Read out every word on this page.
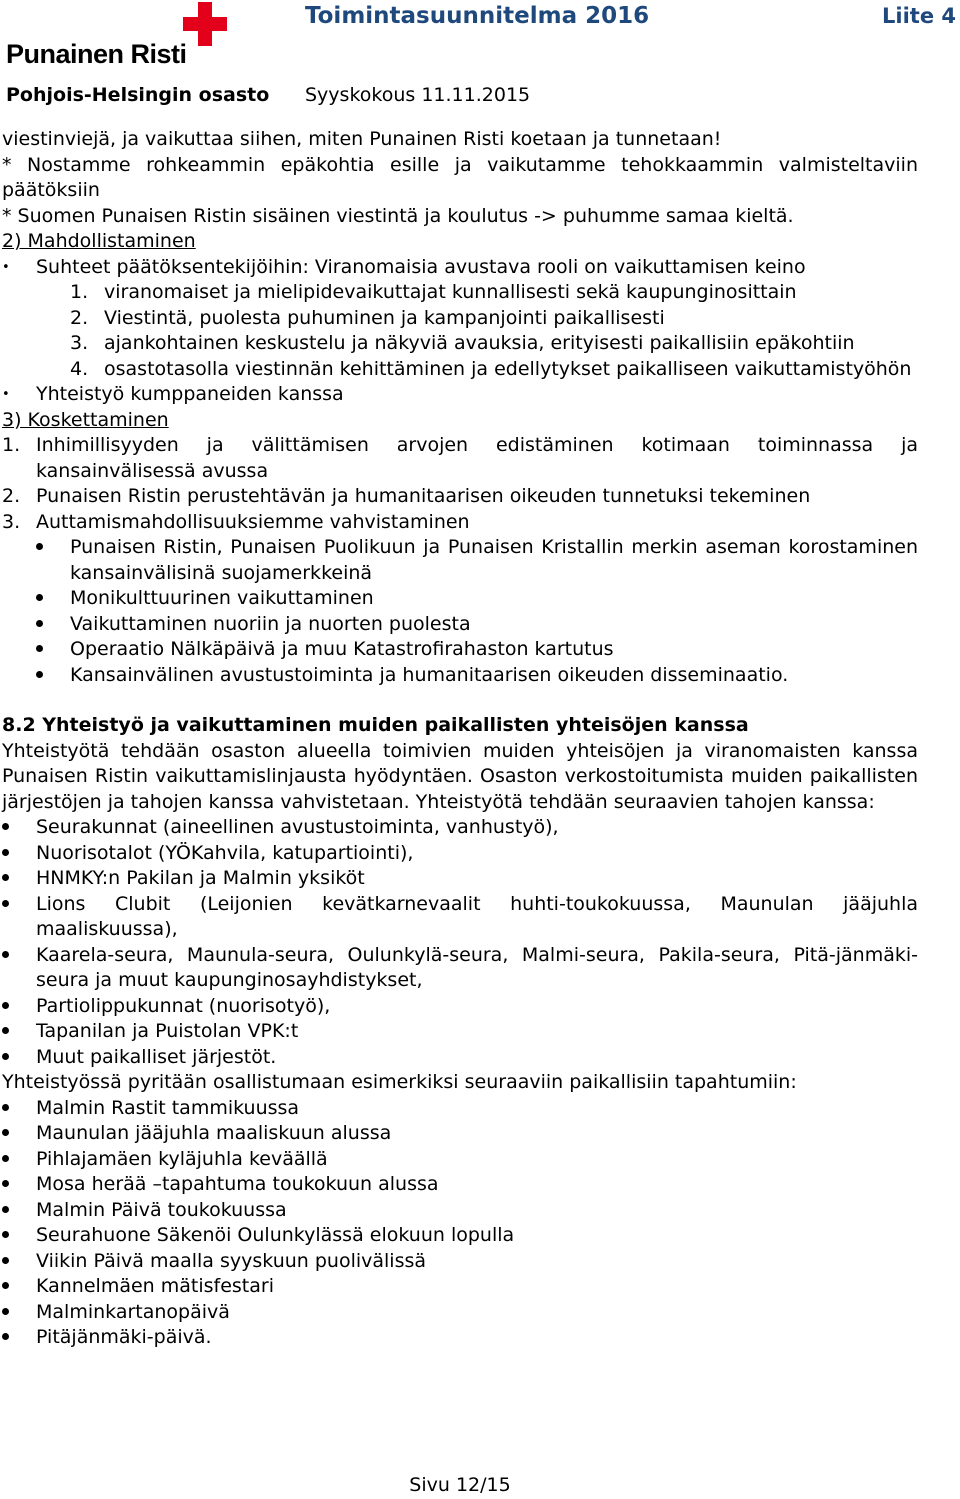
Punainen Risti
Toimintasuunnitelma 2016	Liite 4
Pohjois-Helsingin osasto Syyskokous 11.11.2015

viestinviejä, ja vaikuttaa siihen, miten Punainen Risti koetaan ja tunnetaan!

* Nostamme rohkeammin epäkohtia esille ja vaikutamme tehokkaammin valmisteltaviin päätöksiin

* Suomen Punaisen Ristin sisäinen viestintä ja koulutus -> puhumme samaa kieltä.

2) Mahdollistaminen

•	Suhteet päätöksentekijöihin: Viranomaisia avustava rooli on vaikuttamisen keino
1. viranomaiset ja mielipidevaikuttajat kunnallisesti sekä kaupunginosittain
2. Viestintä, puolesta puhuminen ja kampanjointi paikallisesti
3. ajankohtainen keskustelu ja näkyviä avauksia, erityisesti paikallisiin epäkohtiin
4. osastotasolla viestinnän kehittäminen ja edellytykset paikalliseen vaikuttamistyöhön
•	Yhteistyö kumppaneiden kanssa

3) Koskettaminen

1. Inhimillisyyden ja välittämisen arvojen edistäminen kotimaan toiminnassa ja kansainvälisessä avussa
2. Punaisen Ristin perustehtävän ja humanitaarisen oikeuden tunnetuksi tekeminen
3. Auttamismahdollisuuksiemme vahvistaminen
Punaisen Ristin, Punaisen Puolikuun ja Punaisen Kristallin merkin aseman korostaminen kansainvälisinä suojamerkkeinä
Monikulttuurinen vaikuttaminen
Vaikuttaminen nuoriin ja nuorten puolesta
Operaatio Nälkäpäivä ja muu Katastrofirahaston kartutus
Kansainvälinen avustustoiminta ja humanitaarisen oikeuden disseminaatio.
8.2 Yhteistyö ja vaikuttaminen muiden paikallisten yhteisöjen kanssa

Yhteistyötä tehdään osaston alueella toimivien muiden yhteisöjen ja viranomaisten kanssa Punaisen Ristin vaikuttamislinjausta hyödyntäen. Osaston verkostoitumista muiden paikallisten järjestöjen ja tahojen kanssa vahvistetaan. Yhteistyötä tehdään seuraavien tahojen kanssa:

Seurakunnat (aineellinen avustustoiminta, vanhustyö),
Nuorisotalot (YÖKahvila, katupartiointi),
HNMKY:n Pakilan ja Malmin yksiköt
Lions Clubit (Leijonien kevätkarnevaalit huhti-toukokuussa, Maunulan jääjuhla maaliskuussa),
Kaarela-seura, Maunula-seura, Oulunkylä-seura, Malmi-seura, Pakila-seura, Pitä-jänmäki-seura ja muut kaupunginosayhdistykset,
Partiolippukunnat (nuorisotyö),
Tapanilan ja Puistolan VPK:t
Muut paikalliset järjestöt.

Yhteistyössä pyritään osallistumaan esimerkiksi seuraaviin paikallisiin tapahtumiin:

Malmin Rastit tammikuussa
Maunulan jääjuhla maaliskuun alussa
Pihlajamäen kyläjuhla keväällä
Mosa herää –tapahtuma toukokuun alussa
Malmin Päivä toukokuussa
Seurahuone Säkenöi Oulunkylässä elokuun lopulla
Viikin Päivä maalla syyskuun puolivälissä
Kannelmäen mätisfestari
Malminkartanopäivä
Pitäjänmäki-päivä.
Sivu 12/15
